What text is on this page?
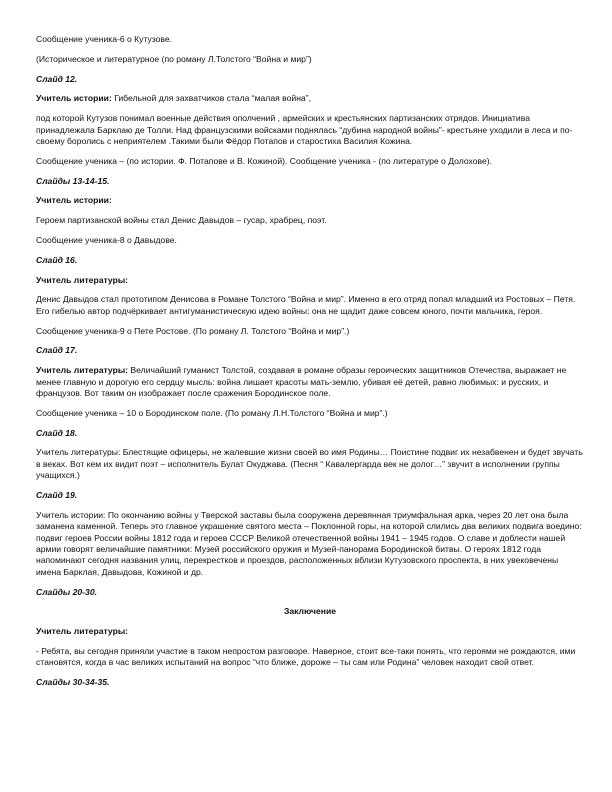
Сообщение ученика-6 о Кутузове.

(Историческое и литературное (по роману Л.Толстого “Война и мир”)

Слайд 12.

Учитель истории: Гибельной для захватчиков стала “малая война”,

под которой Кутузов понимал военные действия ополчений , армейских и крестьянских партизанских отрядов. Инициатива принадлежала Барклаю де Толли. Над французскими войсками поднялась “дубина народной войны”- крестьяне уходили в леса и по-своему боролись с неприятелем .Такими были Фёдор Потапов и старостиха Василия Кожина.

Сообщение ученика – (по истории. Ф. Потапове и В. Кожиной). Сообщение ученика - (по литературе о Долохове).

Слайды 13-14-15.

Учитель истории:

Героем партизанской войны стал Денис Давыдов – гусар, храбрец, поэт.

Сообщение ученика-8 о Давыдове.

Слайд 16.

Учитель литературы:

Денис Давыдов стал прототипом Денисова в Романе Толстого “Война и мир”. Именно в его отряд попал младший из Ростовых – Петя. Его гибелью автор подчёркивает антигуманистическую идею войны: она не щадит даже совсем юного, почти мальчика, героя.

Сообщение ученика-9 о Пете Ростове. (По роману Л. Толстого “Война и мир”.)

Слайд 17.

Учитель литературы: Величайший гуманист Толстой, создавая в романе образы героических защитников Отечества, выражает не менее главную и дорогую его сердцу мысль: война лишает красоты мать-землю, убивая её детей, равно любимых: и русских, и французов. Вот таким он изображает после сражения Бородинское поле.

Сообщение ученика – 10 о Бородинском поле. (По роману Л.Н.Толстого “Война и мир”.)

Слайд 18.

Учитель литературы: Блестящие офицеры, не жалевшие жизни своей во имя Родины… Поистине подвиг их незабвенен и будет звучать в веках. Вот кем их видит поэт – исполнитель Булат Окуджава. (Песня “ Кавалергарда век не долог…” звучит в исполнении группы учащихся.)

Слайд 19.

Учитель истории: По окончанию войны у Тверской заставы была сооружена деревянная триумфальная арка, через 20 лет она была заманена каменной. Теперь это главное украшение святого места – Поклонной горы, на которой слились два великих подвига воедино: подвиг героев России войны 1812 года и героев СССР Великой отечественной войны 1941 – 1945 годов. О славе и доблести нашей армии говорят величайшие памятники: Музей российского оружия и Музей-панорама Бородинской битвы. О героях 1812 года напоминают сегодня названия улиц, перекрестков и проездов, расположенных вблизи Кутузовского проспекта, в них увековечены имена Барклая, Давыдова, Кожиной и др.

Слайды 20-30.

Заключение

Учитель литературы:

- Ребята, вы сегодня приняли участие в таком непростом разговоре. Наверное, стоит все-таки понять, что героями не рождаются, ими становятся, когда в час великих испытаний на вопрос “что ближе, дороже – ты сам или Родина” человек находит свой ответ.

Слайды 30-34-35.
